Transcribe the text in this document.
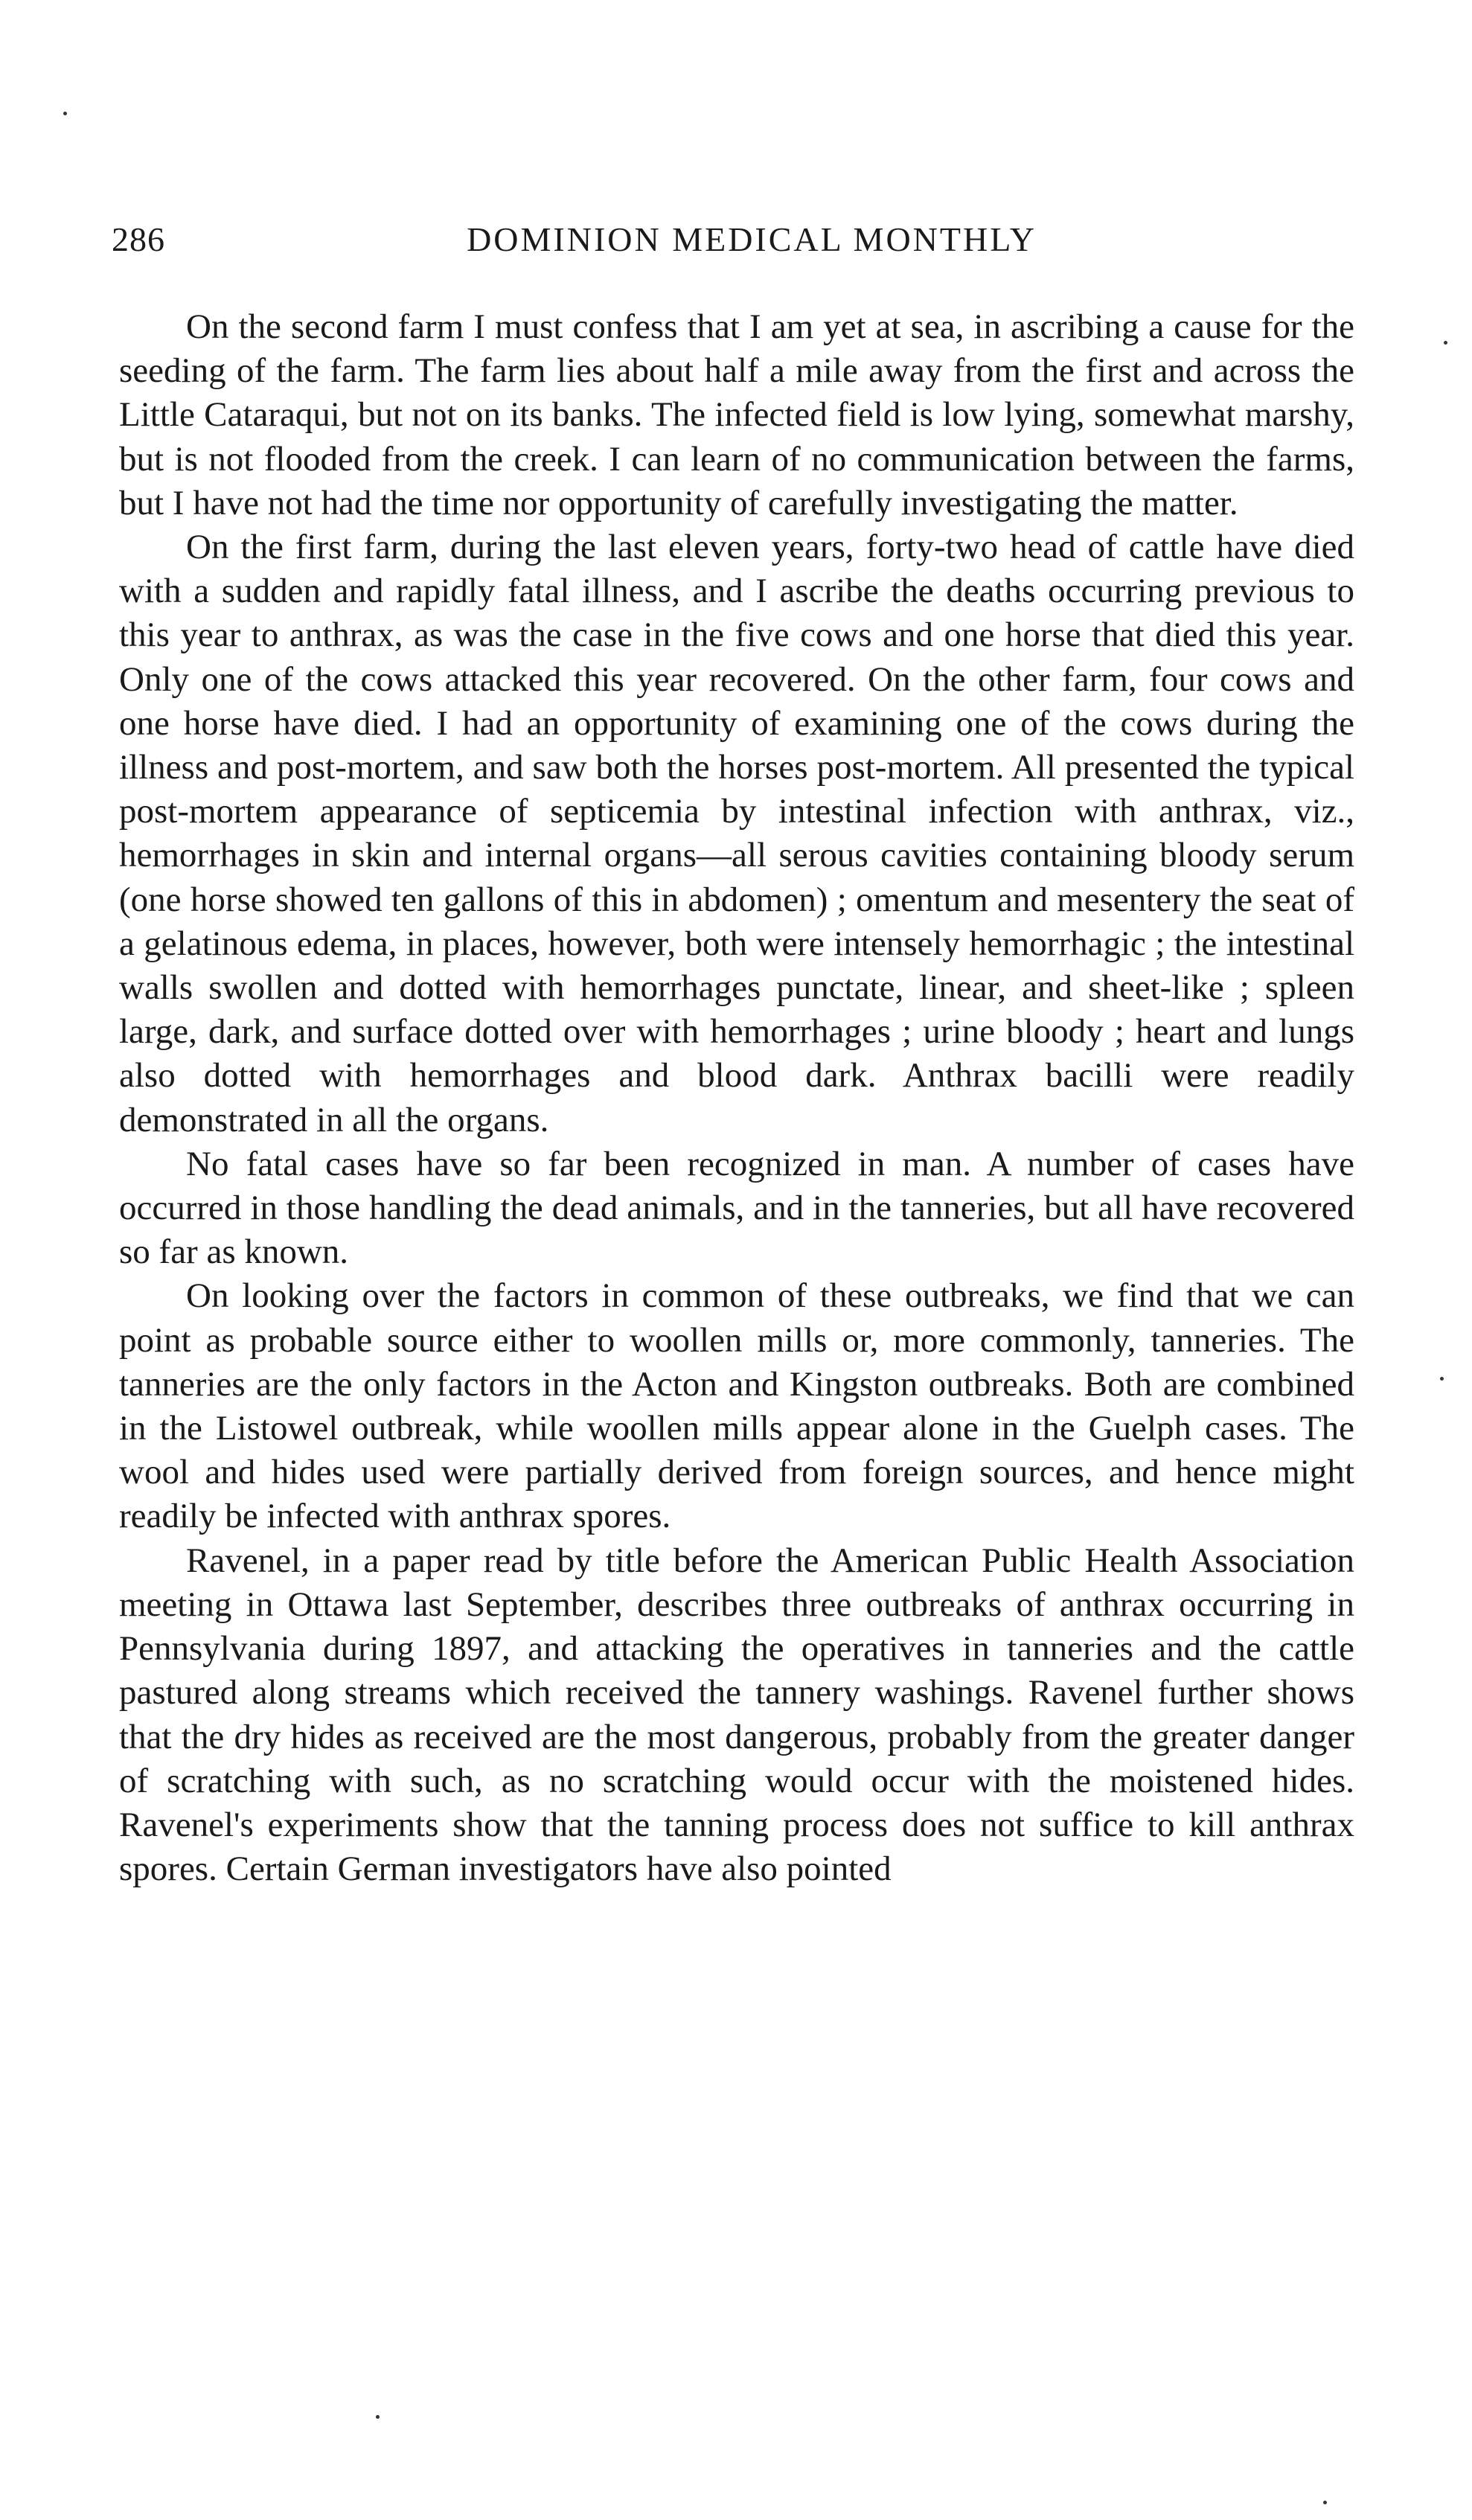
286	DOMINION MEDICAL MONTHLY

On the second farm I must confess that I am yet at sea, in ascribing a cause for the seeding of the farm. The farm lies about half a mile away from the first and across the Little Cataraqui, but not on its banks. The infected field is low lying, somewhat marshy, but is not flooded from the creek. I can learn of no communication between the farms, but I have not had the time nor opportunity of carefully investigating the matter.

On the first farm, during the last eleven years, forty-two head of cattle have died with a sudden and rapidly fatal illness, and I ascribe the deaths occurring previous to this year to anthrax, as was the case in the five cows and one horse that died this year. Only one of the cows attacked this year recovered. On the other farm, four cows and one horse have died. I had an opportunity of examining one of the cows during the illness and post-mortem, and saw both the horses post-mortem. All presented the typical post-mortem appearance of septicemia by intestinal infection with anthrax, viz., hemorrhages in skin and internal organs—all serous cavities containing bloody serum (one horse showed ten gallons of this in abdomen) ; omentum and mesentery the seat of a gelatinous edema, in places, however, both were intensely hemorrhagic ; the intestinal walls swollen and dotted with hemorrhages punctate, linear, and sheet-like ; spleen large, dark, and surface dotted over with hemorrhages ; urine bloody ; heart and lungs also dotted with hemorrhages and blood dark. Anthrax bacilli were readily demonstrated in all the organs.

No fatal cases have so far been recognized in man. A number of cases have occurred in those handling the dead animals, and in the tanneries, but all have recovered so far as known.

On looking over the factors in common of these outbreaks, we find that we can point as probable source either to woollen mills or, more commonly, tanneries. The tanneries are the only factors in the Acton and Kingston outbreaks. Both are combined in the Listowel outbreak, while woollen mills appear alone in the Guelph cases. The wool and hides used were partially derived from foreign sources, and hence might readily be infected with anthrax spores.

Ravenel, in a paper read by title before the American Public Health Association meeting in Ottawa last September, describes three outbreaks of anthrax occurring in Pennsylvania during 1897, and attacking the operatives in tanneries and the cattle pastured along streams which received the tannery washings. Ravenel further shows that the dry hides as received are the most dangerous, probably from the greater danger of scratching with such, as no scratching would occur with the moistened hides. Ravenel's experiments show that the tanning process does not suffice to kill anthrax spores. Certain German investigators have also pointed
